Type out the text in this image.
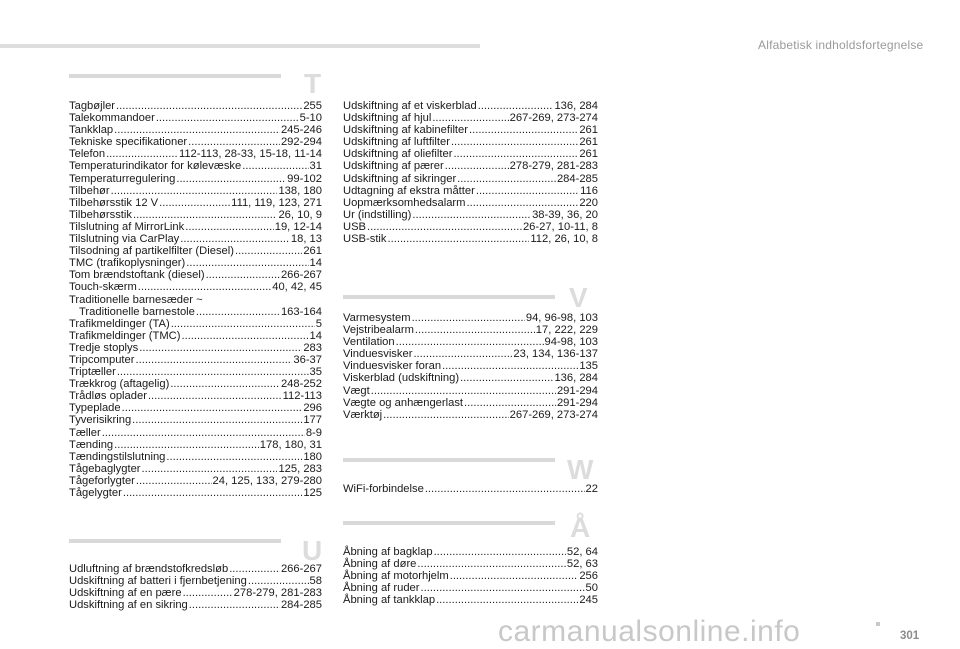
Alfabetisk indholdsfortegnelse
T
Tagbøjler .....	255
Talekommandoer .....	5-10
Tankklap .....	245-246
Tekniske specifikationer .....	292-294
Telefon .....	112-113, 28-33, 15-18, 11-14
Temperaturindikator for kølevæske .....	31
Temperaturregulering .....	99-102
Tilbehør .....	138, 180
Tilbehørsstik 12 V .....	111, 119, 123, 271
Tilbehørsstik .....	26, 10, 9
Tilslutning af MirrorLink .....	19, 12-14
Tilslutning via CarPlay .....	18, 13
Tilsodning af partikelfilter (Diesel) .....	261
TMC (trafikoplysninger) .....	14
Tom brændstoftank (diesel) .....	266-267
Touch-skærm .....	40, 42, 45
Traditionelle barnesæder ~
Traditionelle barnestole .....	163-164
Trafikmeldinger (TA) .....	5
Trafikmeldinger (TMC) .....	14
Tredje stoplys .....	283
Tripcomputer .....	36-37
Triptæller .....	35
Trækkrog (aftagelig) .....	248-252
Trådløs oplader .....	112-113
Typeplade .....	296
Tyverisikring .....	177
Tæller .....	8-9
Tænding .....	178, 180, 31
Tændingstilslutning .....	180
Tågebaglygter .....	125, 283
Tågeforlygter .....	24, 125, 133, 279-280
Tågelygter .....	125
U
Udluftning af brændstofkredsløb .....	266-267
Udskiftning af batteri i fjernbetjening .....	58
Udskiftning af en pære .....	278-279, 281-283
Udskiftning af en sikring .....	284-285
Udskiftning af et viskerblad .....	136, 284
Udskiftning af hjul .....	267-269, 273-274
Udskiftning af kabinefilter .....	261
Udskiftning af luftfilter .....	261
Udskiftning af oliefilter .....	261
Udskiftning af pærer .....	278-279, 281-283
Udskiftning af sikringer .....	284-285
Udtagning af ekstra måtter .....	116
Uopmærksomhedsalarm .....	220
Ur (indstilling) .....	38-39, 36, 20
USB .....	26-27, 10-11, 8
USB-stik .....	112, 26, 10, 8
V
Varmesystem .....	94, 96-98, 103
Vejstribealarm .....	17, 222, 229
Ventilation .....	94-98, 103
Vinduesvisker .....	23, 134, 136-137
Vinduesvisker foran .....	135
Viskerblad (udskiftning) .....	136, 284
Vægt .....	291-294
Vægte og anhængerlast .....	291-294
Værktøj .....	267-269, 273-274
W
WiFi-forbindelse .....	22
Å
Åbning af bagklap .....	52, 64
Åbning af døre .....	52, 63
Åbning af motorhjelm .....	256
Åbning af ruder .....	50
Åbning af tankklap .....	245
301
carmanualsonline.info
